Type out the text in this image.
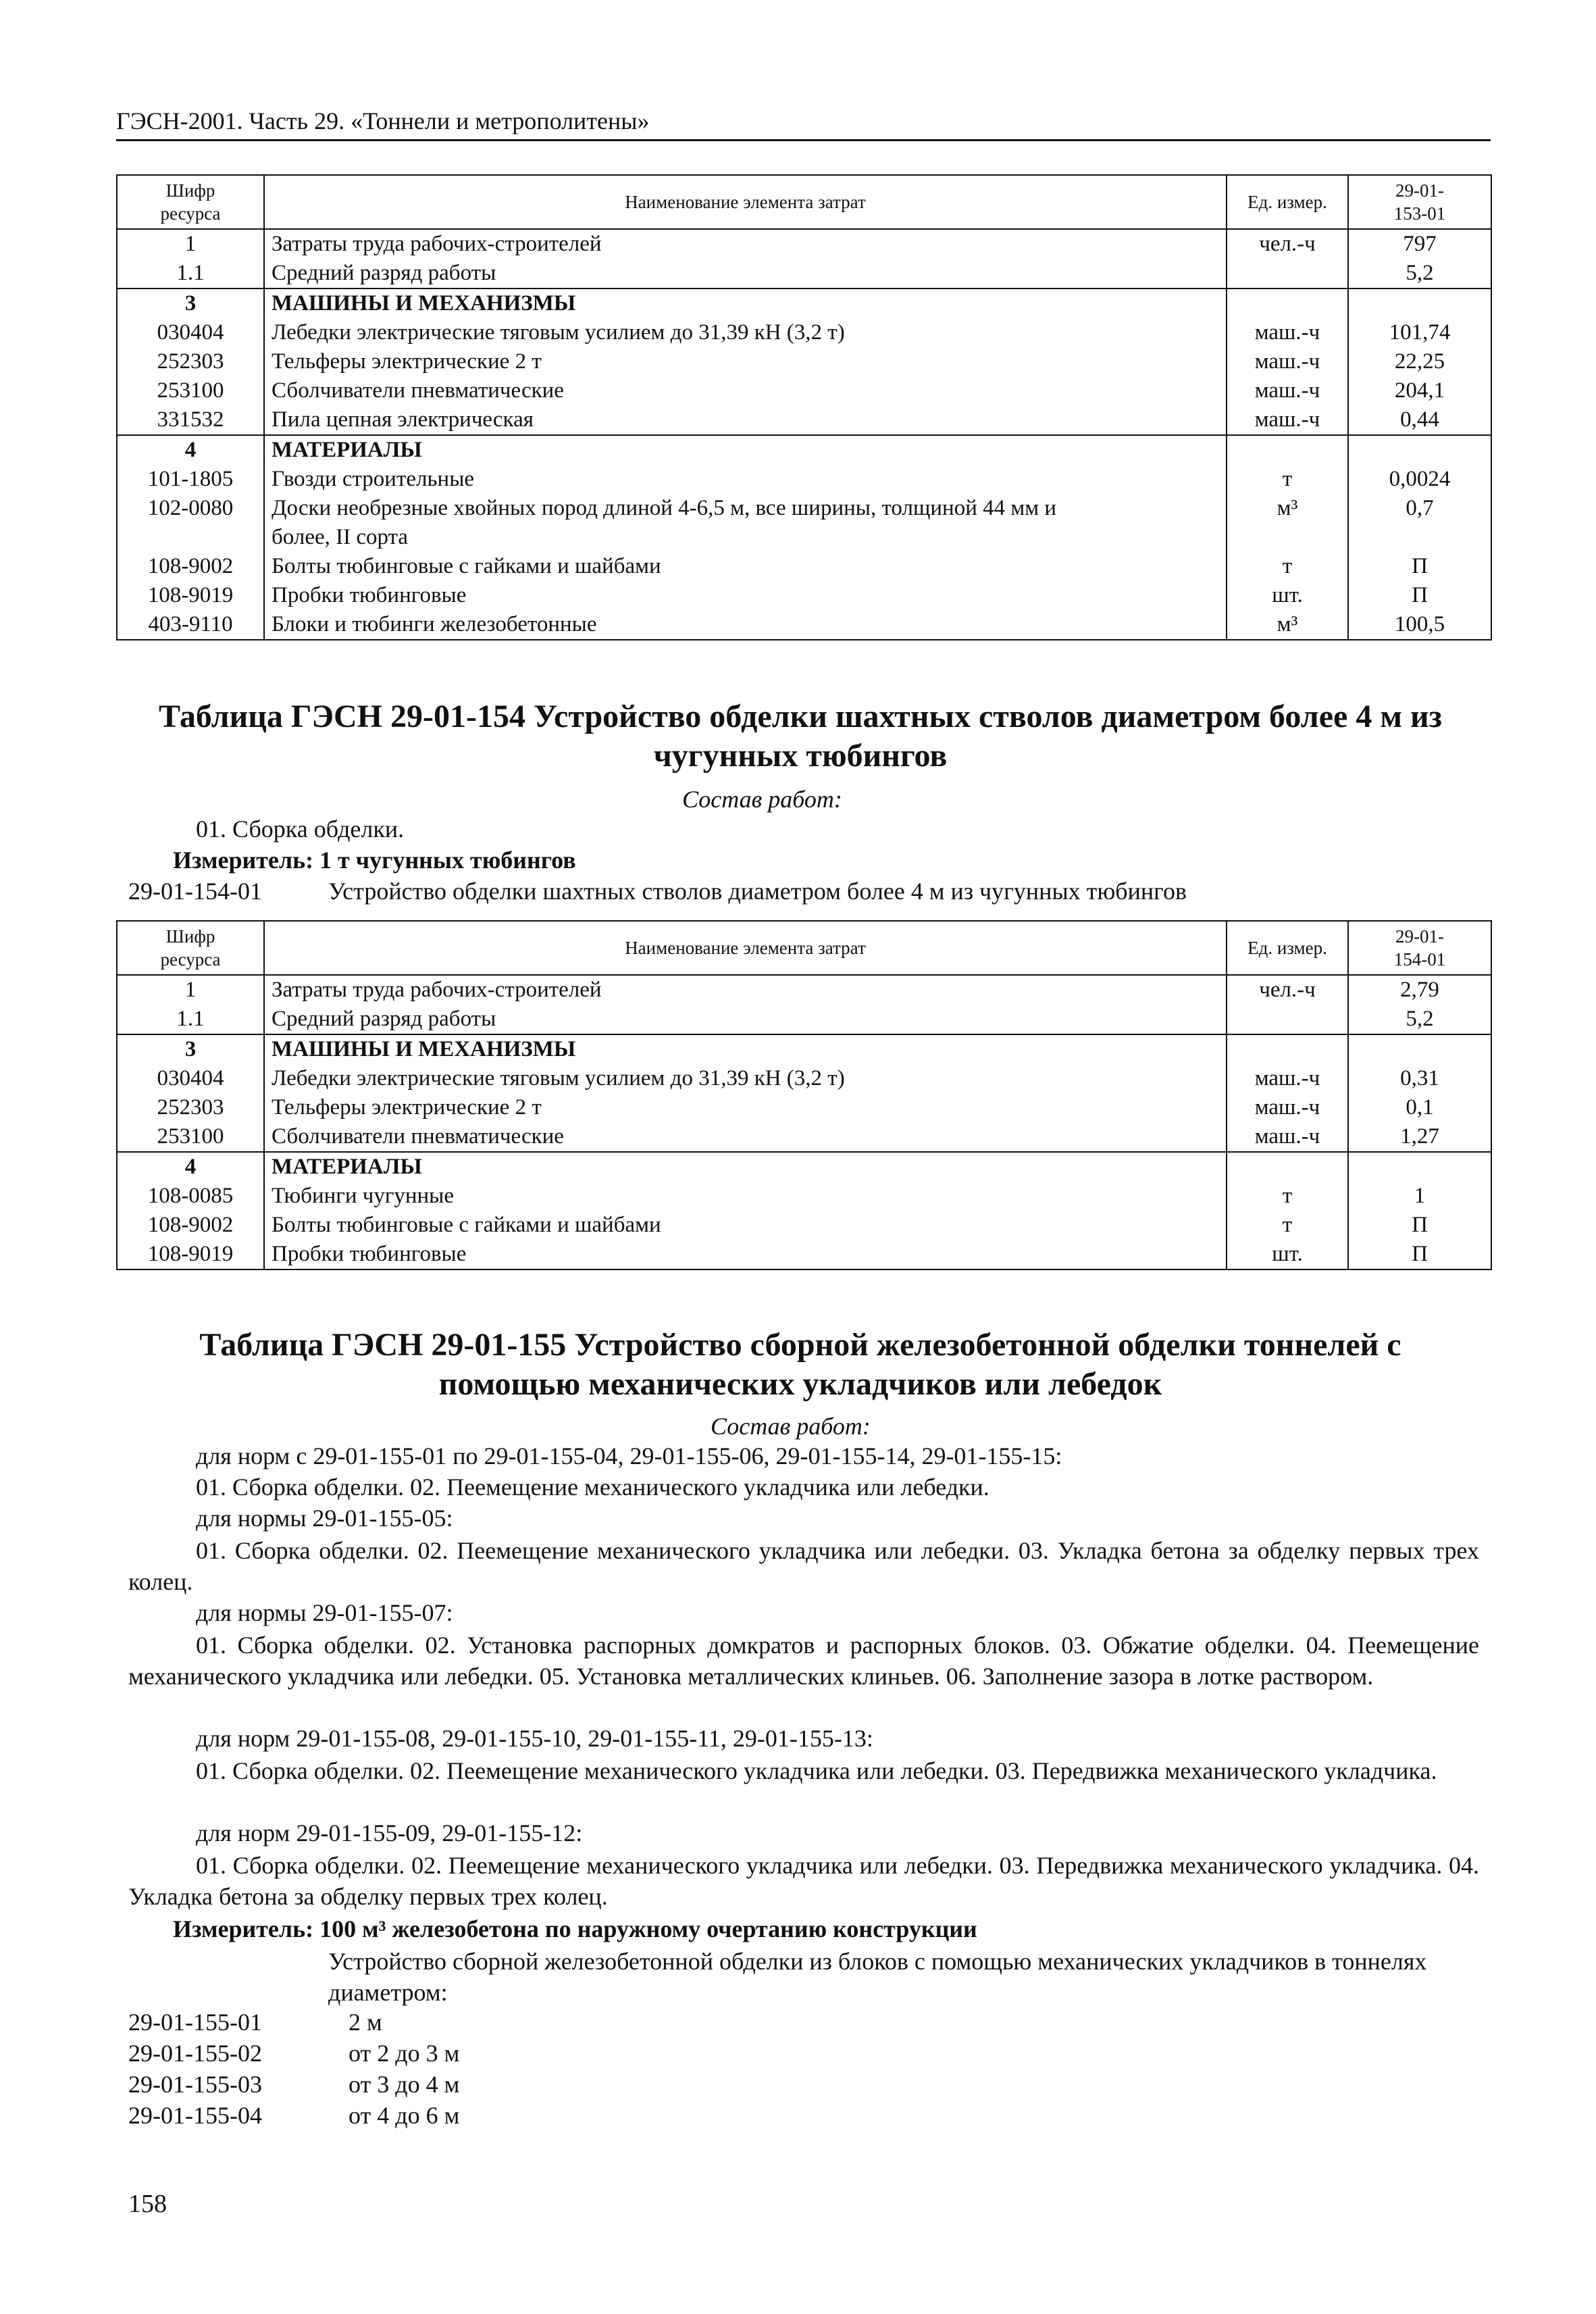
ГЭСН-2001. Часть 29. «Тоннели и метрополитены»
Шифр
ресурса	Наименование элемента затрат	Ед. измер.	29-01-
153-01

1	Затраты труда рабочих-строителей	чел.-ч	797
1.1	Средний разряд работы		5,2
3	МАШИНЫ И МЕХАНИЗМЫ		
030404	Лебедки электрические тяговым усилием до 31,39 кН (3,2 т)	маш.-ч	101,74
252303	Тельферы электрические 2 т	маш.-ч	22,25
253100	Сболчиватели пневматические	маш.-ч	204,1
331532	Пила цепная электрическая	маш.-ч	0,44
4	МАТЕРИАЛЫ		
101-1805	Гвозди строительные	т	0,0024
102-0080	Доски необрезные хвойных пород длиной 4-6,5 м, все ширины, толщиной 44 мм и	м³	0,7
	более, II сорта		
108-9002	Болты тюбинговые с гайками и шайбами	т	П
108-9019	Пробки тюбинговые	шт.	П
403-9110	Блоки и тюбинги железобетонные	м³	100,5
Таблица ГЭСН 29-01-154 Устройство обделки шахтных стволов диаметром более 4 м из
чугунных тюбингов
Состав работ:
01. Сборка обделки.
Измеритель: 1 т чугунных тюбингов
29-01-154-01	Устройство обделки шахтных стволов диаметром более 4 м из чугунных тюбингов
Шифр
ресурса	Наименование элемента затрат	Ед. измер.	29-01-
154-01

1	Затраты труда рабочих-строителей	чел.-ч	2,79
1.1	Средний разряд работы		5,2
3	МАШИНЫ И МЕХАНИЗМЫ		
030404	Лебедки электрические тяговым усилием до 31,39 кН (3,2 т)	маш.-ч	0,31
252303	Тельферы электрические 2 т	маш.-ч	0,1
253100	Сболчиватели пневматические	маш.-ч	1,27
4	МАТЕРИАЛЫ		
108-0085	Тюбинги чугунные	т	1
108-9002	Болты тюбинговые с гайками и шайбами	т	П
108-9019	Пробки тюбинговые	шт.	П
Таблица ГЭСН 29-01-155 Устройство сборной железобетонной обделки тоннелей с
помощью механических укладчиков или лебедок
Состав работ:
для норм с 29-01-155-01 по 29-01-155-04, 29-01-155-06, 29-01-155-14, 29-01-155-15:
01. Сборка обделки. 02. Пеемещение механического укладчика или лебедки.
для нормы 29-01-155-05:
01. Сборка обделки. 02. Пеемещение механического укладчика или лебедки. 03. Укладка бетона за обделку первых трех колец.
для нормы 29-01-155-07:
01. Сборка обделки. 02. Установка распорных домкратов и распорных блоков. 03. Обжатие обделки. 04. Пеемещение механического укладчика или лебедки. 05. Установка металлических клиньев. 06. Заполнение зазора в лотке раствором.
для норм 29-01-155-08, 29-01-155-10, 29-01-155-11, 29-01-155-13:
01. Сборка обделки. 02. Пеемещение механического укладчика или лебедки. 03. Передвижка механического укладчика.
для норм 29-01-155-09, 29-01-155-12:
01. Сборка обделки. 02. Пеемещение механического укладчика или лебедки. 03. Передвижка механического укладчика. 04. Укладка бетона за обделку первых трех колец.
Измеритель: 100 м³ железобетона по наружному очертанию конструкции
Устройство сборной железобетонной обделки из блоков с помощью механических укладчиков в тоннелях диаметром:
29-01-155-01	2 м
29-01-155-02	от 2 до 3 м
29-01-155-03	от 3 до 4 м
29-01-155-04	от 4 до 6 м
158
